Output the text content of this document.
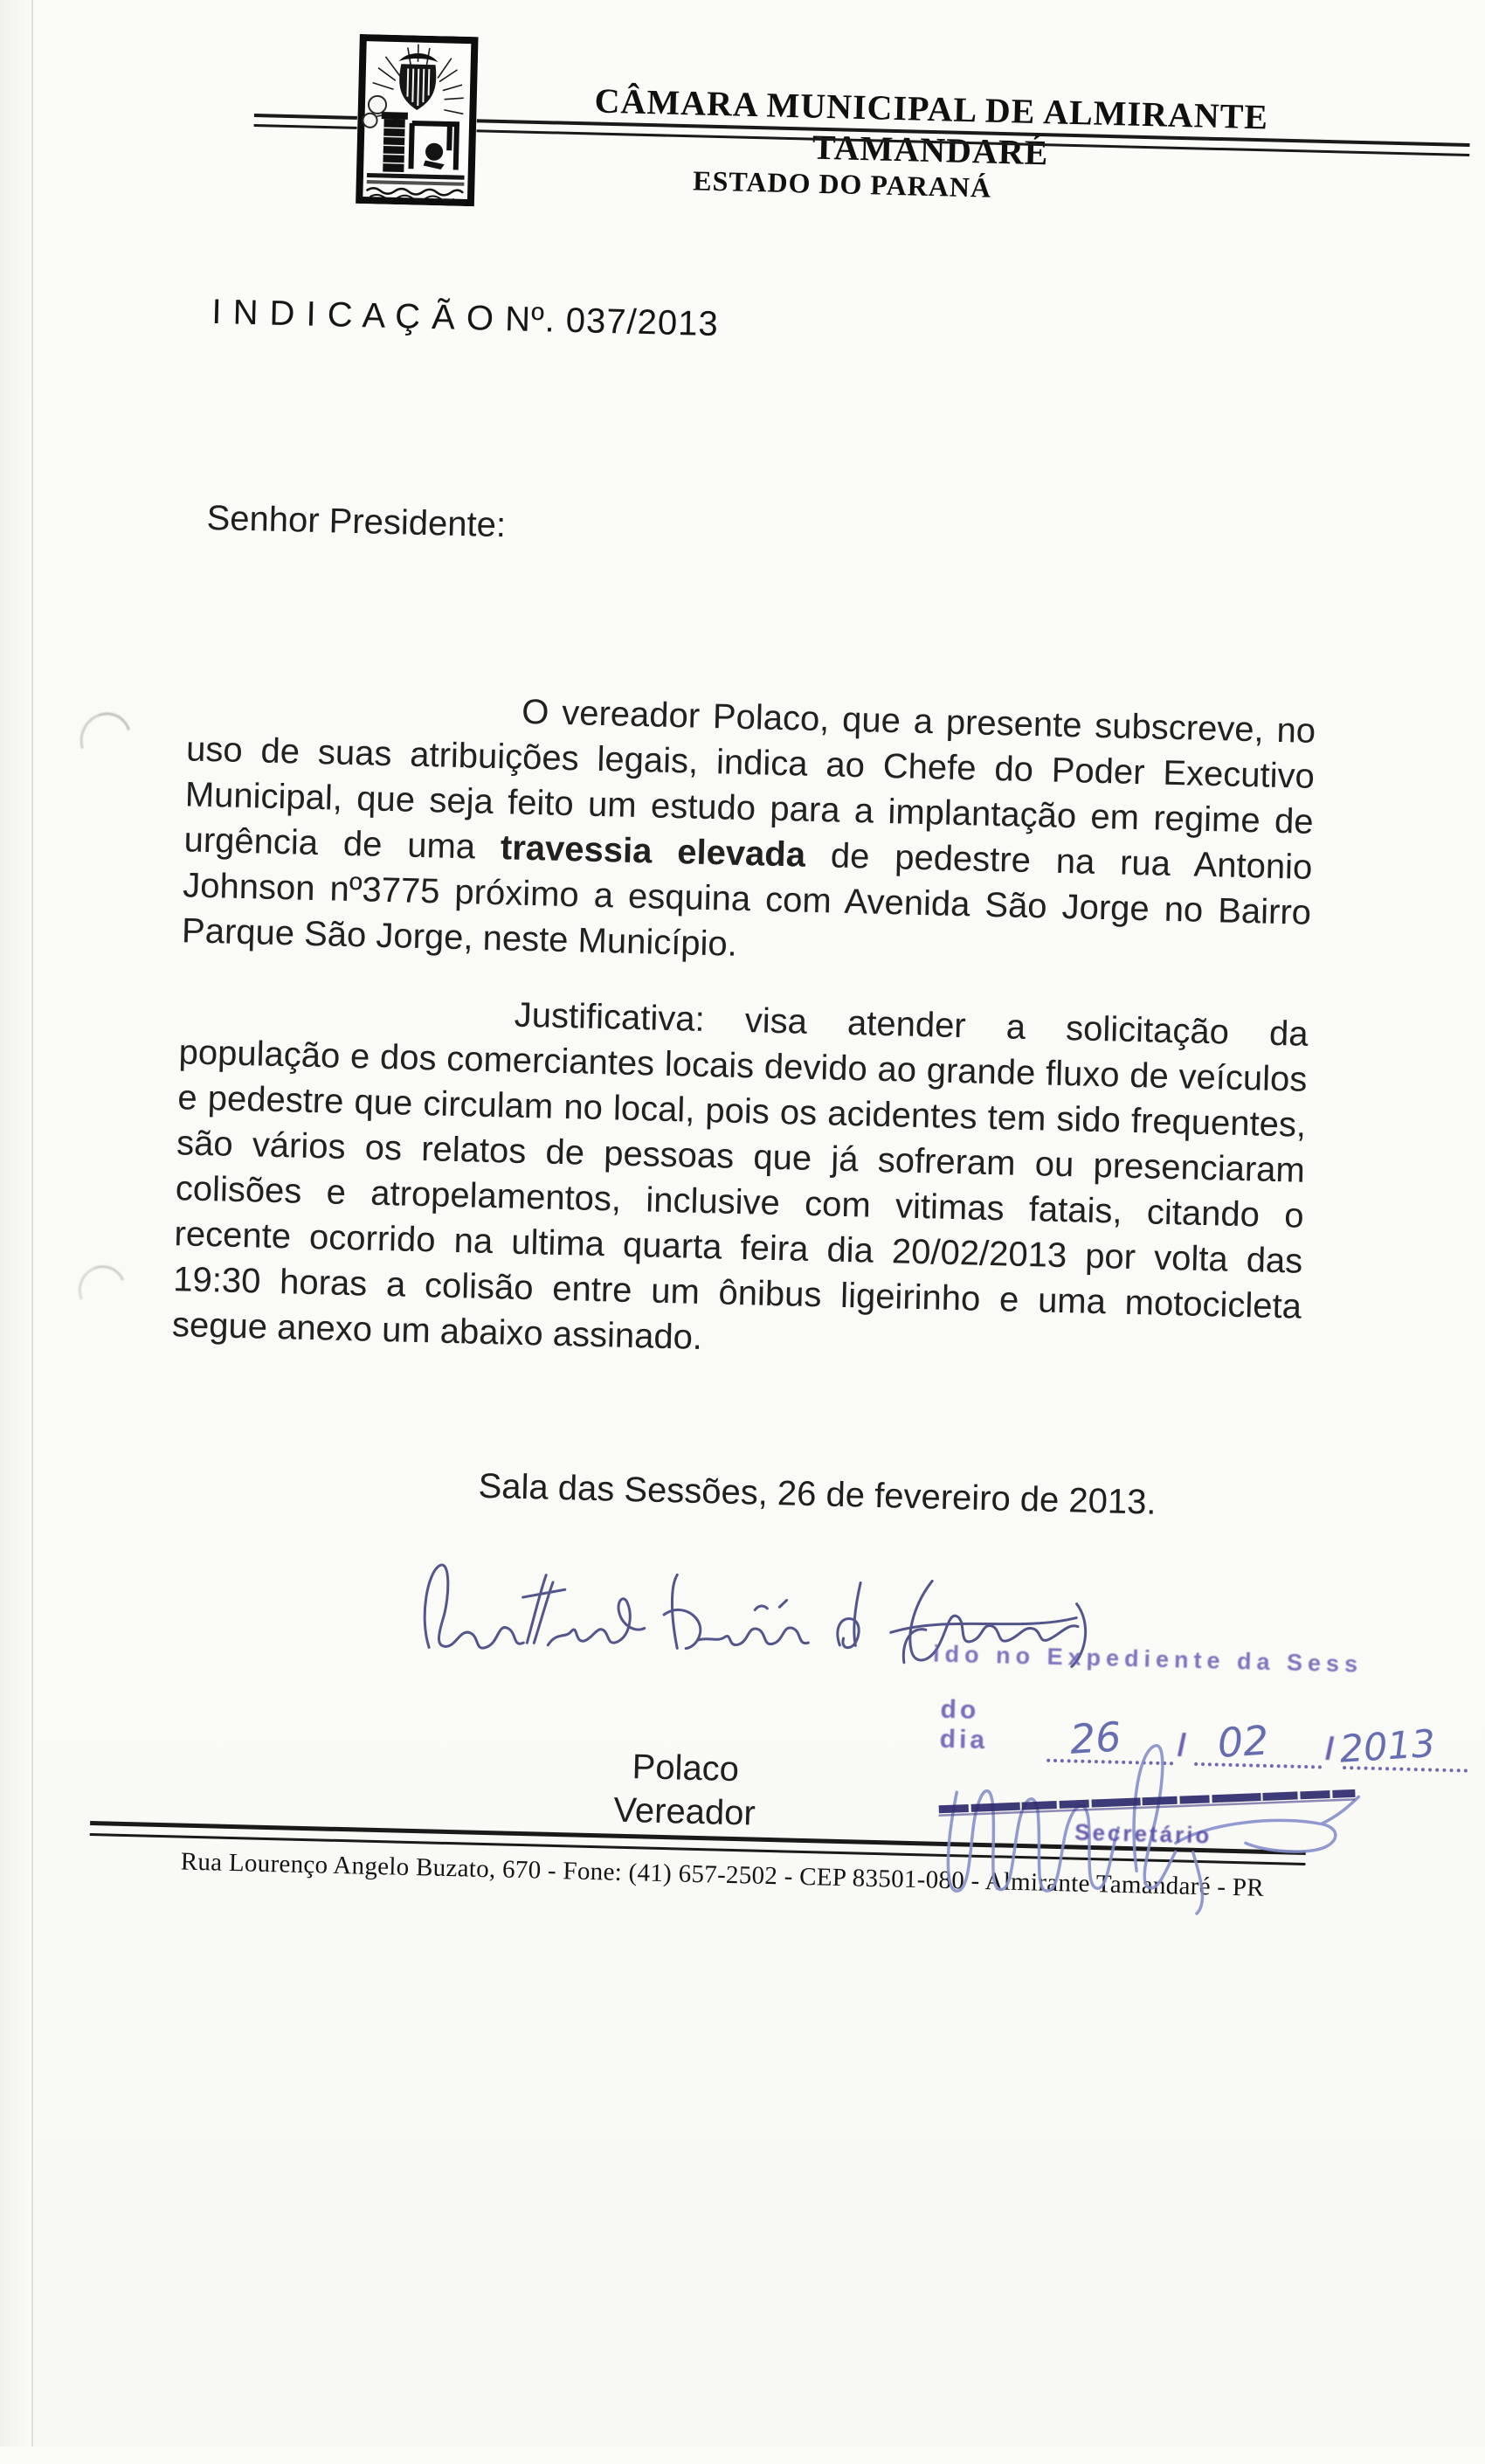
CÂMARA MUNICIPAL DE ALMIRANTE TAMANDARÉ
ESTADO DO PARANÁ
I N D I C A Ç Ã O Nº. 037/2013
Senhor Presidente:

O vereador Polaco, que a presente subscreve, no uso de suas atribuições legais, indica ao Chefe do Poder Executivo Municipal, que seja feito um estudo para a implantação em regime de urgência de uma travessia elevada de pedestre na rua Antonio Johnson nº3775 próximo a esquina com Avenida São Jorge no Bairro Parque São Jorge, neste Município.

Justificativa: visa atender a solicitação da população e dos comerciantes locais devido ao grande fluxo de veículos e pedestre que circulam no local, pois os acidentes tem sido frequentes, são vários os relatos de pessoas que já sofreram ou presenciaram colisões e atropelamentos, inclusive com vitimas fatais, citando o recente ocorrido na ultima quarta feira dia 20/02/2013 por volta das 19:30 horas a colisão entre um ônibus ligeirinho e uma motocicleta segue anexo um abaixo assinado.

Sala das Sessões, 26 de fevereiro de 2013.
ido no Expediente da Sess
do dia	26 / 02 / 2013
Secretário
Polaco
Vereador
Rua Lourenço Angelo Buzato, 670 - Fone: (41) 657-2502 - CEP 83501-080 - Almirante Tamandaré - PR
